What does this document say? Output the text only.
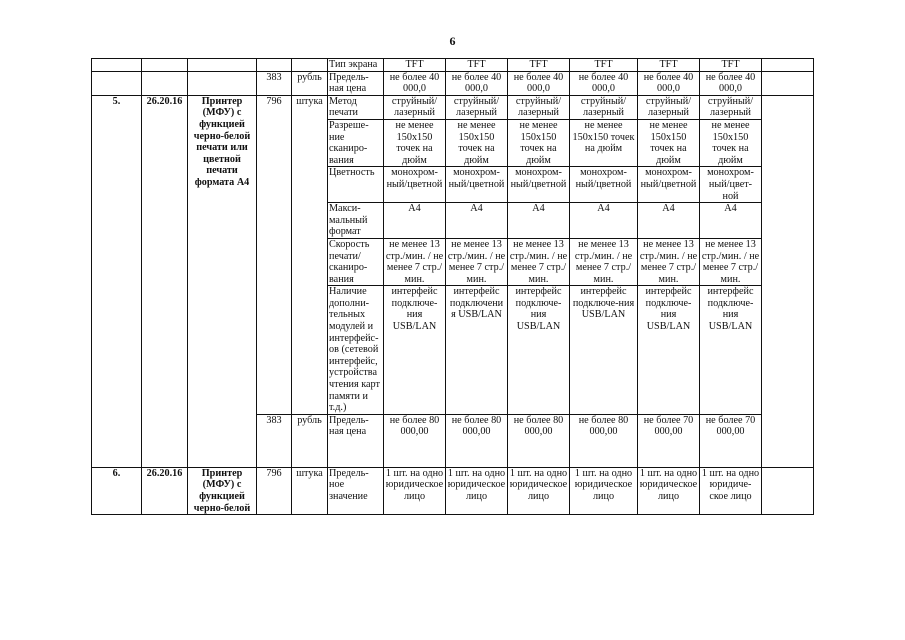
6
					Тип экрана	TFT	TFT	TFT	TFT	TFT	TFT	
			383	рубль	Предель-ная цена	не более 40 000,0	не более 40 000,0	не более 40 000,0	не более 40 000,0	не более 40 000,0	не более 40 000,0	
5.	26.20.16	Принтер (МФУ) с функцией черно-белой печати или цветной печати формата А4	796	штука	Метод печати	струйный/ лазерный	струйный/ лазерный	струйный/ лазерный	струйный/ лазерный	струйный/ лазерный	струйный/ лазерный	
					Разреше-ние сканиро-вания	не менее 150x150 точек на дюйм	не менее 150x150 точек на дюйм	не менее 150x150 точек на дюйм	не менее 150x150 точек на дюйм	не менее 150x150 точек на дюйм	не менее 150x150 точек на дюйм	
					Цветность	монохром-ный/цветной	монохром-ный/цветной	монохром-ный/цветной	монохром-ный/цветной	монохром-ный/цветной	монохром-ный/цвет-ной	
					Макси-мальный формат	А4	А4	А4	А4	А4	А4	
					Скорость печати/ сканиро-вания	не менее 13 стр./мин. / не менее 7 стр./мин.	не менее 13 стр./мин. / не менее 7 стр./мин.	не менее 13 стр./мин. / не менее 7 стр./мин.	не менее 13 стр./мин. / не менее 7 стр./мин.	не менее 13 стр./мин. / не менее 7 стр./мин.	не менее 13 стр./мин. / не менее 7 стр./мин.	
					Наличие дополни-тельных модулей и интерфейс-ов (сетевой интерфейс, устройства чтения карт памяти и т.д.)	интерфейс подключе-ния USB/LAN	интерфейс подключени я USB/LAN	интерфейс подключе-ния USB/LAN	интерфейс подключе-ния USB/LAN	интерфейс подключе-ния USB/LAN	интерфейс подключе-ния USB/LAN	
			383	рубль	Предель-ная цена	не более 80 000,00	не более 80 000,00	не более 80 000,00	не более 80 000,00	не более 70 000,00	не более 70 000,00	
6.	26.20.16	Принтер (МФУ) с функцией черно-белой	796	штука	Предель-ное значение	1 шт. на одно юридическое лицо	1 шт. на одно юридическое лицо	1 шт. на одно юридическое лицо	1 шт. на одно юридическое лицо	1 шт. на одно юридическое лицо	1 шт. на одно юридиче-ское лицо	
